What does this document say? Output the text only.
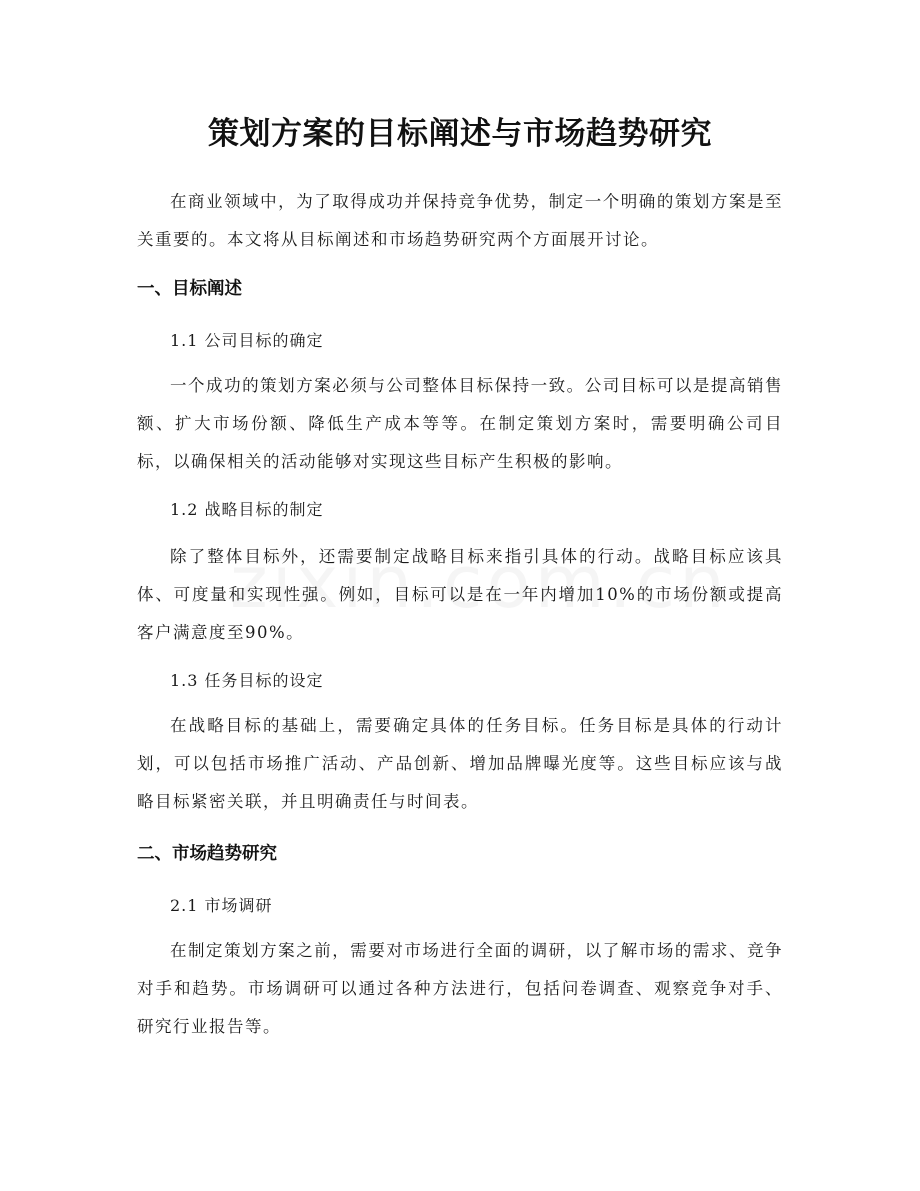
策划方案的目标阐述与市场趋势研究

在商业领域中，为了取得成功并保持竞争优势，制定一个明确的策划方案是至关重要的。本文将从目标阐述和市场趋势研究两个方面展开讨论。

一、目标阐述
1.1 公司目标的确定

一个成功的策划方案必须与公司整体目标保持一致。公司目标可以是提高销售额、扩大市场份额、降低生产成本等等。在制定策划方案时，需要明确公司目标，以确保相关的活动能够对实现这些目标产生积极的影响。

1.2 战略目标的制定

除了整体目标外，还需要制定战略目标来指引具体的行动。战略目标应该具体、可度量和实现性强。例如，目标可以是在一年内增加10%的市场份额或提高客户满意度至90%。

1.3 任务目标的设定

在战略目标的基础上，需要确定具体的任务目标。任务目标是具体的行动计划，可以包括市场推广活动、产品创新、增加品牌曝光度等。这些目标应该与战略目标紧密关联，并且明确责任与时间表。

二、市场趋势研究
2.1 市场调研

在制定策划方案之前，需要对市场进行全面的调研，以了解市场的需求、竞争对手和趋势。市场调研可以通过各种方法进行，包括问卷调查、观察竞争对手、研究行业报告等。
